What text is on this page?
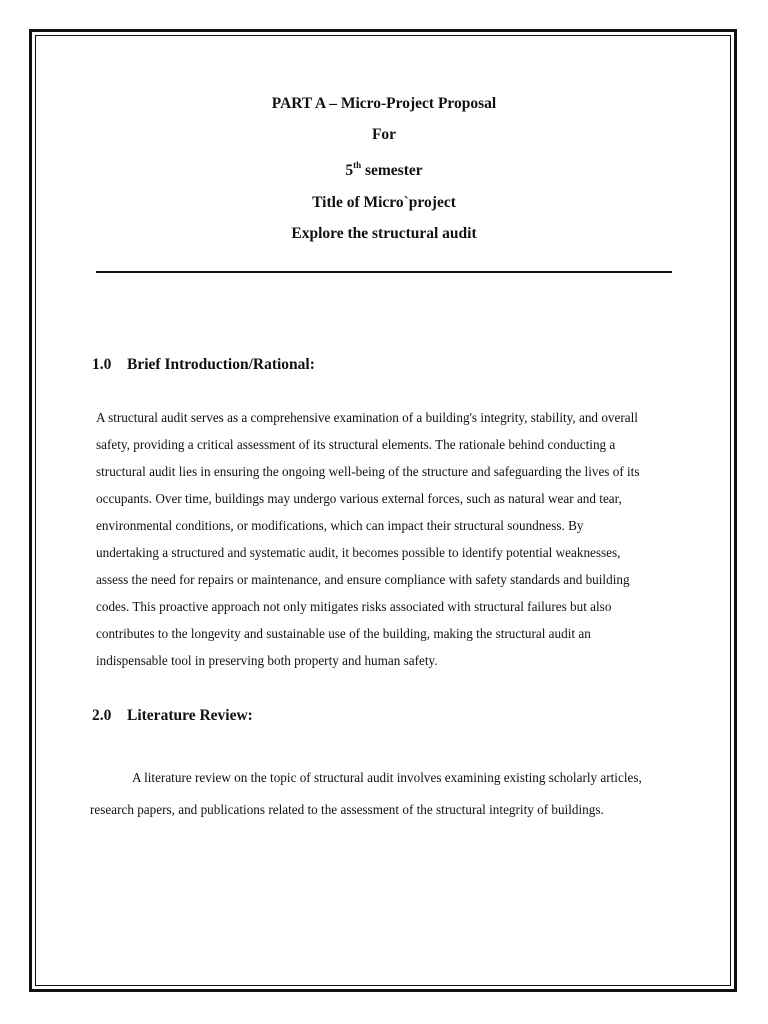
PART A – Micro-Project Proposal
For
5th semester
Title of Micro`project
Explore the structural audit
1.0 Brief Introduction/Rational:

A structural audit serves as a comprehensive examination of a building's integrity, stability, and overall
safety, providing a critical assessment of its structural elements. The rationale behind conducting a
structural audit lies in ensuring the ongoing well-being of the structure and safeguarding the lives of its
occupants. Over time, buildings may undergo various external forces, such as natural wear and tear,
environmental conditions, or modifications, which can impact their structural soundness. By
undertaking a structured and systematic audit, it becomes possible to identify potential weaknesses,
assess the need for repairs or maintenance, and ensure compliance with safety standards and building
codes. This proactive approach not only mitigates risks associated with structural failures but also
contributes to the longevity and sustainable use of the building, making the structural audit an
indispensable tool in preserving both property and human safety.

2.0 Literature Review:

A literature review on the topic of structural audit involves examining existing scholarly articles,
research papers, and publications related to the assessment of the structural integrity of buildings.
